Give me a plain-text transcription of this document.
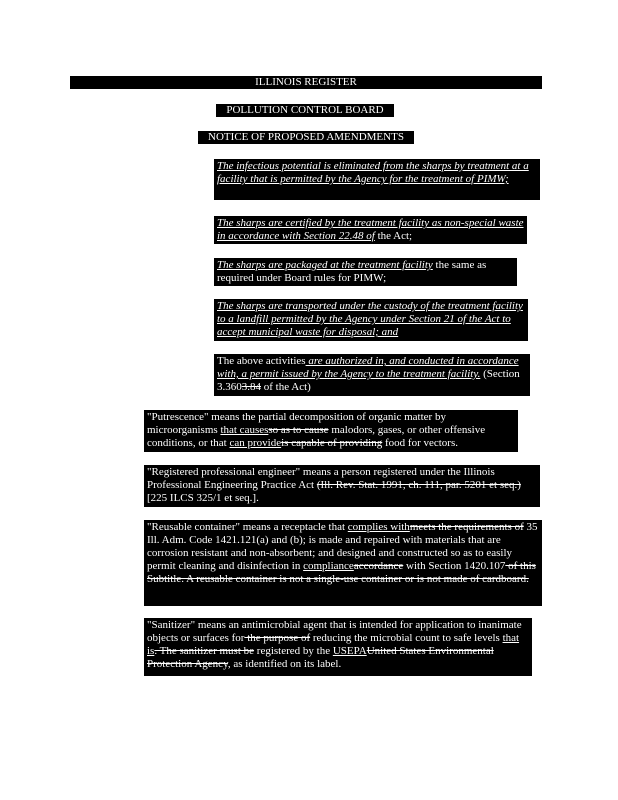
ILLINOIS REGISTER
POLLUTION CONTROL BOARD
NOTICE OF PROPOSED AMENDMENTS
The infectious potential is eliminated from the sharps by treatment at a facility that is permitted by the Agency for the treatment of PIMW;
The sharps are certified by the treatment facility as non-special waste in accordance with Section 22.48 of the Act;
The sharps are packaged at the treatment facility the same as required under Board rules for PIMW;
The sharps are transported under the custody of the treatment facility to a landfill permitted by the Agency under Section 21 of the Act to accept municipal waste for disposal; and
The above activities are authorized in, and conducted in accordance with, a permit issued by the Agency to the treatment facility. (Section 3.3603.84 of the Act)
"Putrescence" means the partial decomposition of organic matter by microorganisms that causesso as to cause malodors, gases, or other offensive conditions, or that can provideis capable of providing food for vectors.
"Registered professional engineer" means a person registered under the Illinois Professional Engineering Practice Act (Ill. Rev. Stat. 1991, ch. 111, par. 5201 et seq.) [225 ILCS 325/1 et seq.].
"Reusable container" means a receptacle that complies withmeets the requirements of 35 Ill. Adm. Code 1421.121(a) and (b); is made and repaired with materials that are corrosion resistant and non-absorbent; and designed and constructed so as to easily permit cleaning and disinfection in complianceaccordance with Section 1420.107 of this Subtitle. A reusable container is not a single-use container or is not made of cardboard.
"Sanitizer" means an antimicrobial agent that is intended for application to inanimate objects or surfaces for the purpose of reducing the microbial count to safe levels that is. The sanitizer must be registered by the USEPAUnited States Environmental Protection Agency, as identified on its label.
